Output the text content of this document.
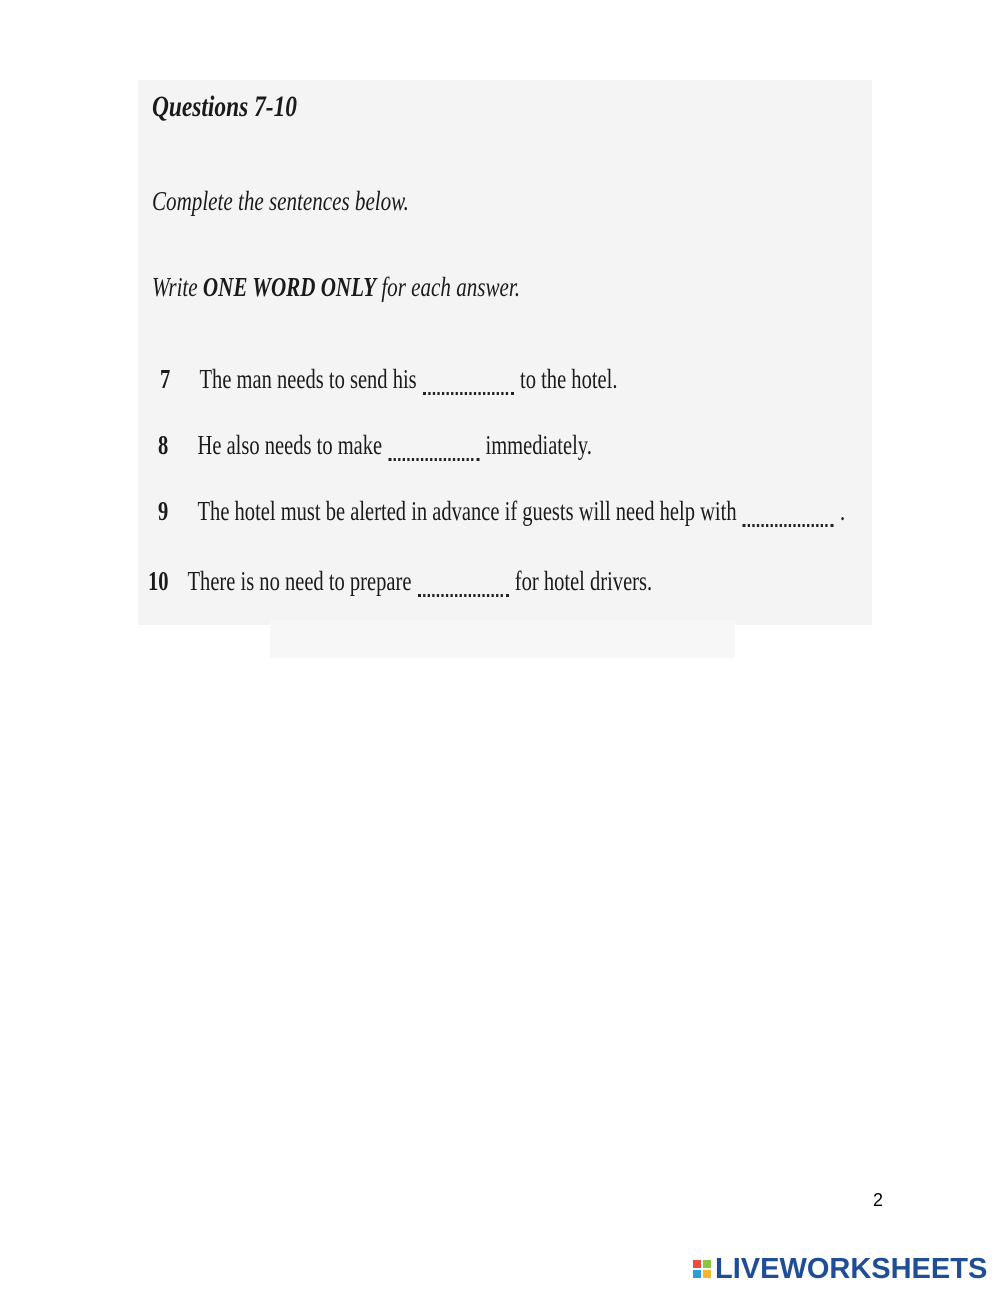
Questions 7-10
Complete the sentences below.
Write ONE WORD ONLY for each answer.
7 The man needs to send his	to the hotel.
8 He also needs to make	immediately.
9 The hotel must be alerted in advance if guests will need help with	.
10 There is no need to prepare	for hotel drivers.
2
LIVEWORKSHEETS
